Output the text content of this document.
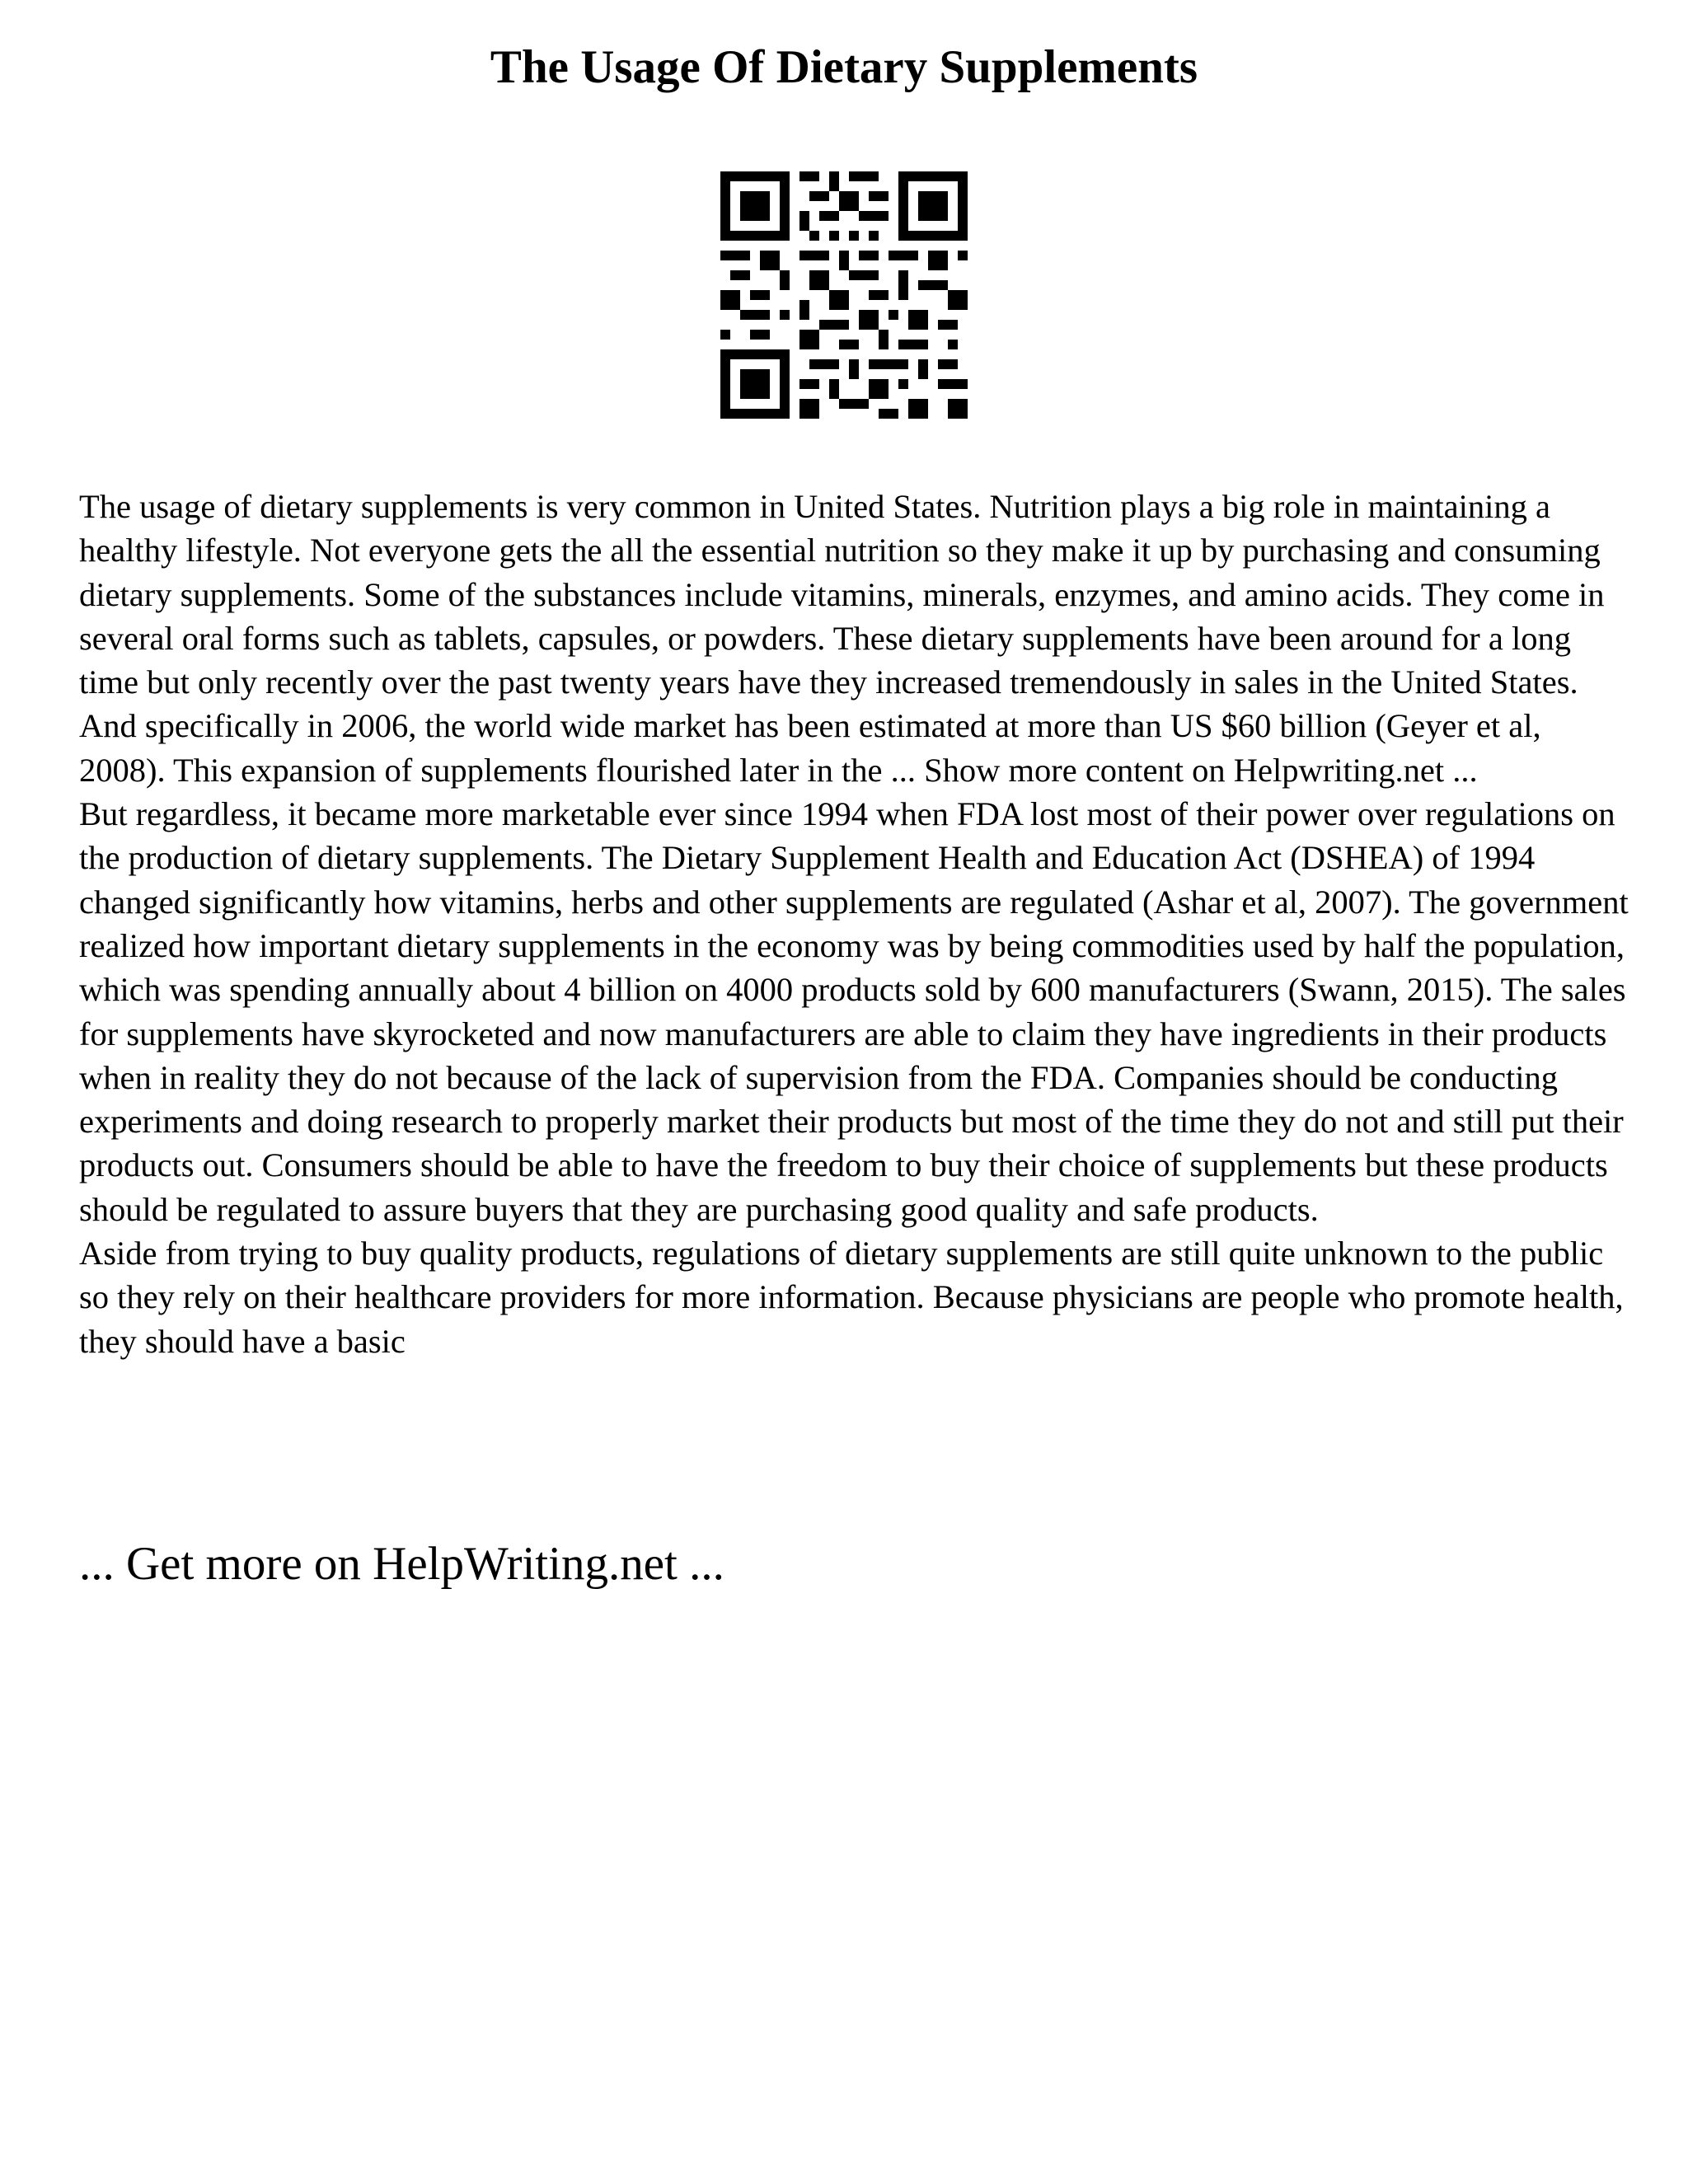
The Usage Of Dietary Supplements

The usage of dietary supplements is very common in United States. Nutrition plays a big role in maintaining a healthy lifestyle. Not everyone gets the all the essential nutrition so they make it up by purchasing and consuming dietary supplements. Some of the substances include vitamins, minerals, enzymes, and amino acids. They come in several oral forms such as tablets, capsules, or powders. These dietary supplements have been around for a long time but only recently over the past twenty years have they increased tremendously in sales in the United States. And specifically in 2006, the world wide market has been estimated at more than US $60 billion (Geyer et al, 2008). This expansion of supplements flourished later in the ... Show more content on Helpwriting.net ...

But regardless, it became more marketable ever since 1994 when FDA lost most of their power over regulations on the production of dietary supplements. The Dietary Supplement Health and Education Act (DSHEA) of 1994 changed significantly how vitamins, herbs and other supplements are regulated (Ashar et al, 2007). The government realized how important dietary supplements in the economy was by being commodities used by half the population, which was spending annually about 4 billion on 4000 products sold by 600 manufacturers (Swann, 2015). The sales for supplements have skyrocketed and now manufacturers are able to claim they have ingredients in their products when in reality they do not because of the lack of supervision from the FDA. Companies should be conducting experiments and doing research to properly market their products but most of the time they do not and still put their products out. Consumers should be able to have the freedom to buy their choice of supplements but these products should be regulated to assure buyers that they are purchasing good quality and safe products.

Aside from trying to buy quality products, regulations of dietary supplements are still quite unknown to the public so they rely on their healthcare providers for more information. Because physicians are people who promote health, they should have a basic

... Get more on HelpWriting.net ...
